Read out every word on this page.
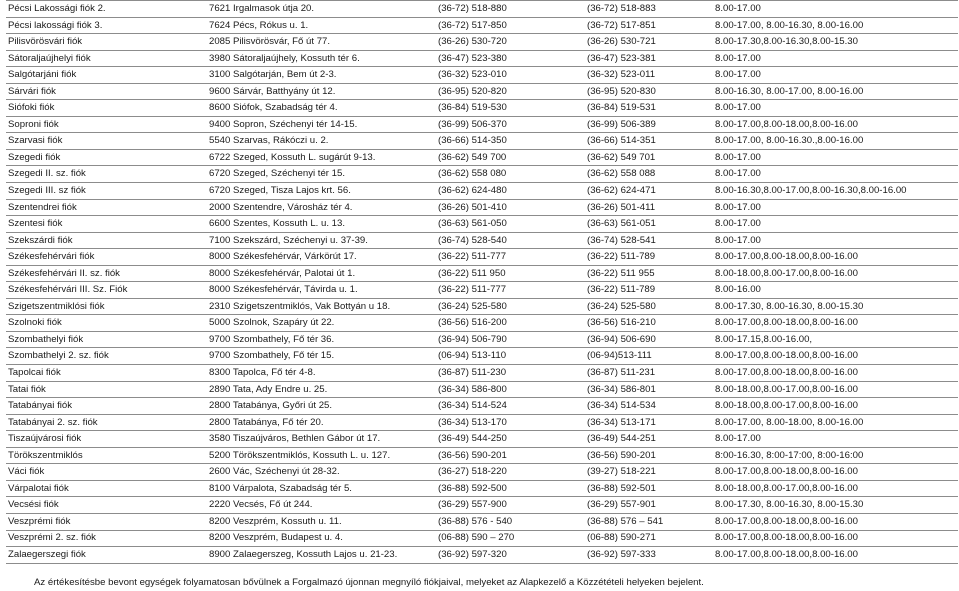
Pécsi Lakossági fiók 2.	7621 Irgalmasok útja 20.	(36-72) 518-880	(36-72) 518-883	8.00-17.00
Pécsi lakossági fiók 3.	7624 Pécs, Rókus u. 1.	(36-72) 517-850	(36-72) 517-851	8.00-17.00, 8.00-16.30, 8.00-16.00
Pilisvörösvári fiók	2085 Pilisvörösvár, Fő út 77.	(36-26) 530-720	(36-26) 530-721	8.00-17.30,8.00-16.30,8.00-15.30
Sátoraljaújhelyi fiók	3980 Sátoraljaújhely, Kossuth tér 6.	(36-47) 523-380	(36-47) 523-381	8.00-17.00
Salgótarjáni fiók	3100 Salgótarján, Bem út 2-3.	(36-32) 523-010	(36-32) 523-011	8.00-17.00
Sárvári fiók	9600 Sárvár, Batthyány út 12.	(36-95) 520-820	(36-95) 520-830	8.00-16.30, 8.00-17.00, 8.00-16.00
Siófoki fiók	8600 Siófok, Szabadság tér 4.	(36-84) 519-530	(36-84) 519-531	8.00-17.00
Soproni fiók	9400 Sopron, Széchenyi tér 14-15.	(36-99) 506-370	(36-99) 506-389	8.00-17.00,8.00-18.00,8.00-16.00
Szarvasi fiók	5540 Szarvas, Rákóczi u. 2.	(36-66) 514-350	(36-66) 514-351	8.00-17.00, 8.00-16.30.,8.00-16.00
Szegedi fiók	6722 Szeged, Kossuth L. sugárút 9-13.	(36-62) 549 700	(36-62) 549 701	8.00-17.00
Szegedi II. sz. fiók	6720 Szeged, Széchenyi tér 15.	(36-62) 558 080	(36-62) 558 088	8.00-17.00
Szegedi III. sz fiók	6720 Szeged, Tisza Lajos krt. 56.	(36-62) 624-480	(36-62) 624-471	8.00-16.30,8.00-17.00,8.00-16.30,8.00-16.00
Szentendrei fiók	2000 Szentendre, Városház tér 4.	(36-26) 501-410	(36-26) 501-411	8.00-17.00
Szentesi fiók	6600 Szentes, Kossuth L. u. 13.	(36-63) 561-050	(36-63) 561-051	8.00-17.00
Szekszárdi fiók	7100 Szekszárd, Széchenyi u. 37-39.	(36-74) 528-540	(36-74) 528-541	8.00-17.00
Székesfehérvári fiók	8000 Székesfehérvár, Várkörút 17.	(36-22) 511-777	(36-22) 511-789	8.00-17.00,8.00-18.00,8.00-16.00
Székesfehérvári II. sz. fiók	8000 Székesfehérvár, Palotai út 1.	(36-22) 511 950	(36-22) 511 955	8.00-18.00,8.00-17.00,8.00-16.00
Székesfehérvári III. Sz. Fiók	8000 Székesfehérvár, Távirda u. 1.	(36-22) 511-777	(36-22) 511-789	8.00-16.00
Szigetszentmiklósi fiók	2310 Szigetszentmiklós, Vak Bottyán u 18.	(36-24) 525-580	(36-24) 525-580	8.00-17.30, 8.00-16.30, 8.00-15.30
Szolnoki fiók	5000 Szolnok, Szapáry út 22.	(36-56) 516-200	(36-56) 516-210	8.00-17.00,8.00-18.00,8.00-16.00
Szombathelyi fiók	9700 Szombathely, Fő tér 36.	(36-94) 506-790	(36-94) 506-690	8.00-17.15,8.00-16.00,
Szombathelyi 2. sz. fiók	9700 Szombathely, Fő tér 15.	(06-94) 513-110	(06-94)513-111	8.00-17.00,8.00-18.00,8.00-16.00
Tapolcai fiók	8300 Tapolca, Fő tér 4-8.	(36-87) 511-230	(36-87) 511-231	8.00-17.00,8.00-18.00,8.00-16.00
Tatai fiók	2890 Tata, Ady Endre u. 25.	(36-34) 586-800	(36-34) 586-801	8.00-18.00,8.00-17.00,8.00-16.00
Tatabányai fiók	2800 Tatabánya, Győri út 25.	(36-34) 514-524	(36-34) 514-534	8.00-18.00,8.00-17.00,8.00-16.00
Tatabányai 2. sz. fiók	2800 Tatabánya, Fő tér 20.	(36-34) 513-170	(36-34) 513-171	8.00-17.00, 8.00-18.00, 8.00-16.00
Tiszaújvárosi fiók	3580 Tiszaújváros, Bethlen Gábor út 17.	(36-49) 544-250	(36-49) 544-251	8.00-17.00
Törökszentmiklós	5200 Törökszentmiklós, Kossuth L. u. 127.	(36-56) 590-201	(36-56) 590-201	8:00-16.30, 8:00-17:00, 8:00-16:00
Váci fiók	2600 Vác, Széchenyi út 28-32.	(36-27) 518-220	(39-27) 518-221	8.00-17.00,8.00-18.00,8.00-16.00
Várpalotai fiók	8100 Várpalota, Szabadság tér 5.	(36-88) 592-500	(36-88) 592-501	8.00-18.00,8.00-17.00,8.00-16.00
Vecsési fiók	2220 Vecsés, Fő út 244.	(36-29) 557-900	(36-29) 557-901	8.00-17.30, 8.00-16.30, 8.00-15.30
Veszprémi fiók	8200 Veszprém, Kossuth u. 11.	(36-88) 576 - 540	(36-88) 576 – 541	8.00-17.00,8.00-18.00,8.00-16.00
Veszprémi 2. sz. fiók	8200 Veszprém, Budapest u. 4.	(06-88) 590 – 270	(06-88) 590-271	8.00-17.00,8.00-18.00,8.00-16.00
Zalaegerszegi fiók	8900 Zalaegerszeg, Kossuth Lajos u. 21-23.	(36-92) 597-320	(36-92) 597-333	8.00-17.00,8.00-18.00,8.00-16.00
Az értékesítésbe bevont egységek folyamatosan bővülnek a Forgalmazó újonnan megnyíló fiókjaival, melyeket az Alapkezelő a Közzétételi helyeken bejelent.
